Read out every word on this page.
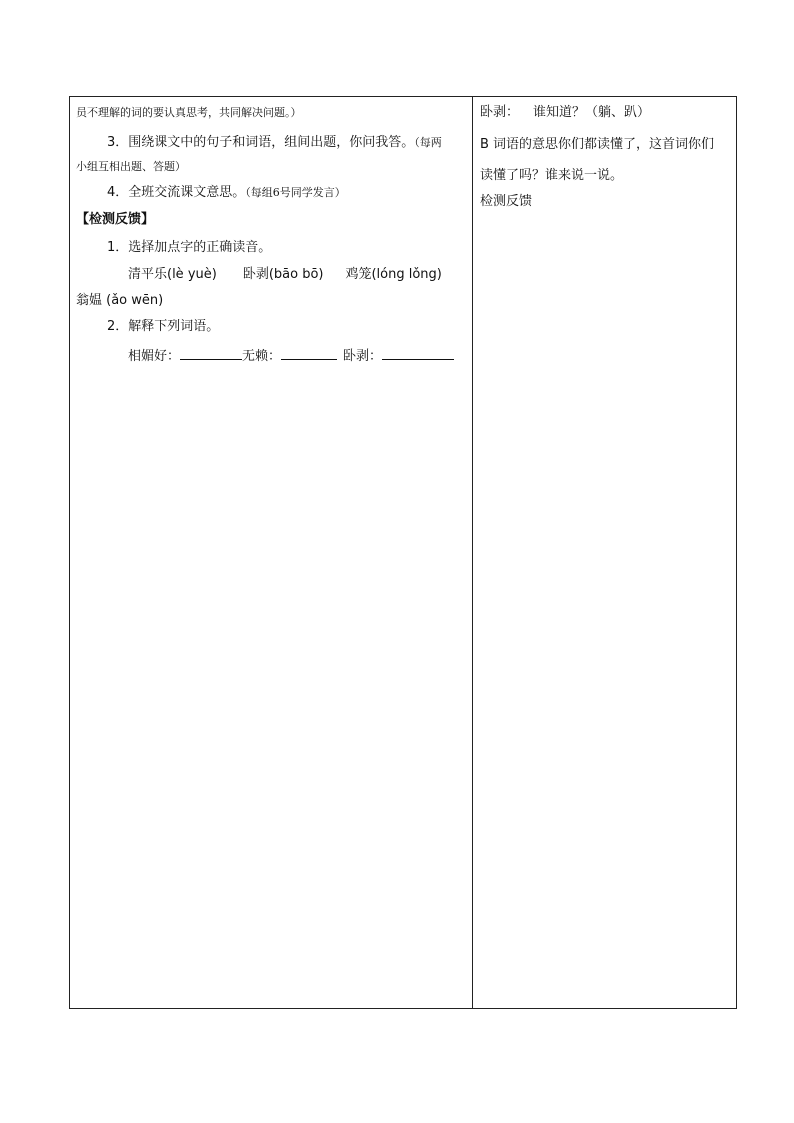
员不理解的词的要认真思考，共同解决问题。）
3．围绕课文中的句子和词语，组间出题，你问我答。（每两
小组互相出题、答题）
4．全班交流课文意思。（每组6号同学发言）
【检测反馈】
1．选择加点字的正确读音。
清平乐(lè yuè) 卧剥(bāo bō) 鸡笼(lóng lǒng)
翁媪 (ǎo wēn)
2．解释下列词语。
相媚好：	无赖：	卧剥：
卧剥： 谁知道？（躺、趴）
B 词语的意思你们都读懂了，这首词你们
读懂了吗？谁来说一说。
检测反馈
